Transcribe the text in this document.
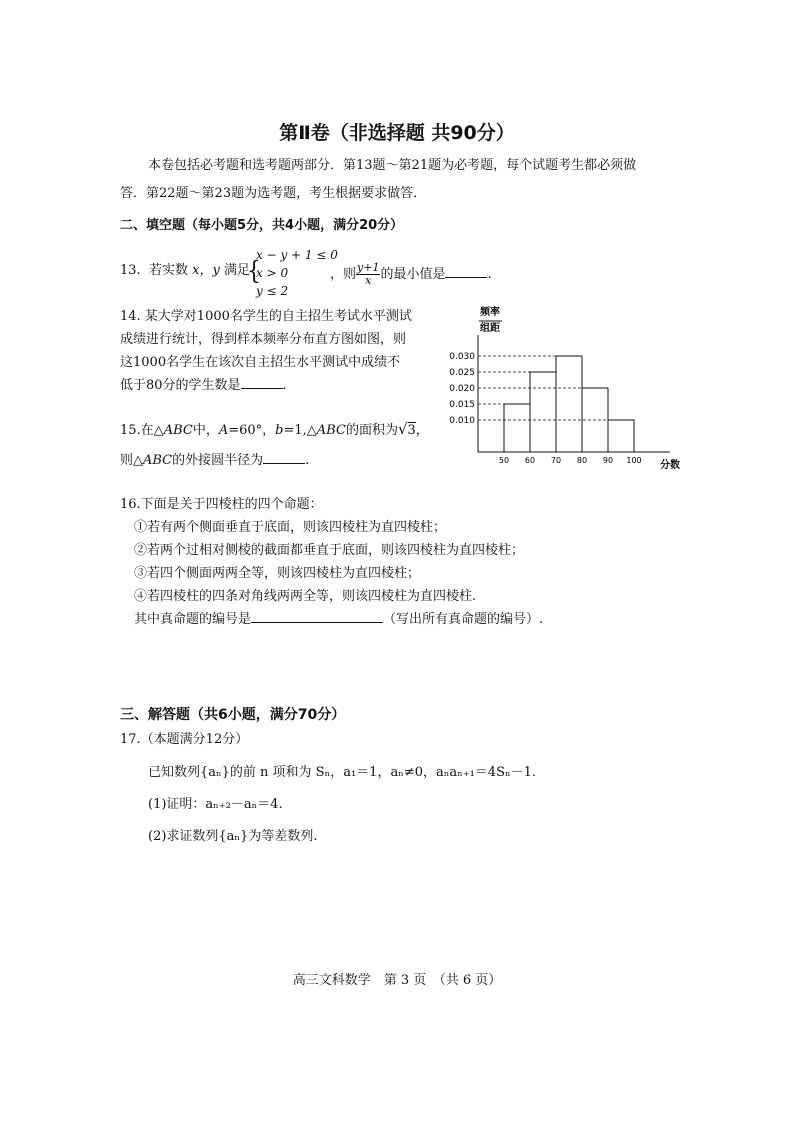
第Ⅱ卷（非选择题 共90分）
本卷包括必考题和选考题两部分．第13题～第21题为必考题，每个试题考生都必须做
答．第22题～第23题为选考题，考生根据要求做答．
二、填空题（每小题5分，共4小题，满分20分）
13. 若实数 x，y 满足
{
x − y + 1 ≤ 0
x > 0
y ≤ 2
，则 $\frac{y+1}{x}$ 的最小值是	.
14. 某大学对1000名学生的自主招生考试水平测试
成绩进行统计，得到样本频率分布直方图如图，则
这1000名学生在该次自主招生水平测试中成绩不
低于80分的学生数是	.
15.在△ABC中，A=60°，b=1,△ABC的面积为√3，
则△ABC的外接圆半径为	.
频率
组距
分数
0.030
0.025
0.020
0.015
0.010
50 60 70 80 90 100
16.下面是关于四棱柱的四个命题：
①若有两个侧面垂直于底面，则该四棱柱为直四棱柱；
②若两个过相对侧棱的截面都垂直于底面，则该四棱柱为直四棱柱；
③若四个侧面两两全等，则该四棱柱为直四棱柱；
④若四棱柱的四条对角线两两全等，则该四棱柱为直四棱柱.
其中真命题的编号是	（写出所有真命题的编号）.
三、解答题（共6小题，满分70分）
17.（本题满分12分）
已知数列{aₙ}的前 n 项和为 Sₙ，a₁＝1，aₙ≠0，aₙaₙ₊₁＝4Sₙ－1.
(1)证明：aₙ₊₂－aₙ＝4.
(2)求证数列{aₙ}为等差数列.
高三文科数学　第 3 页　（共 6 页）
